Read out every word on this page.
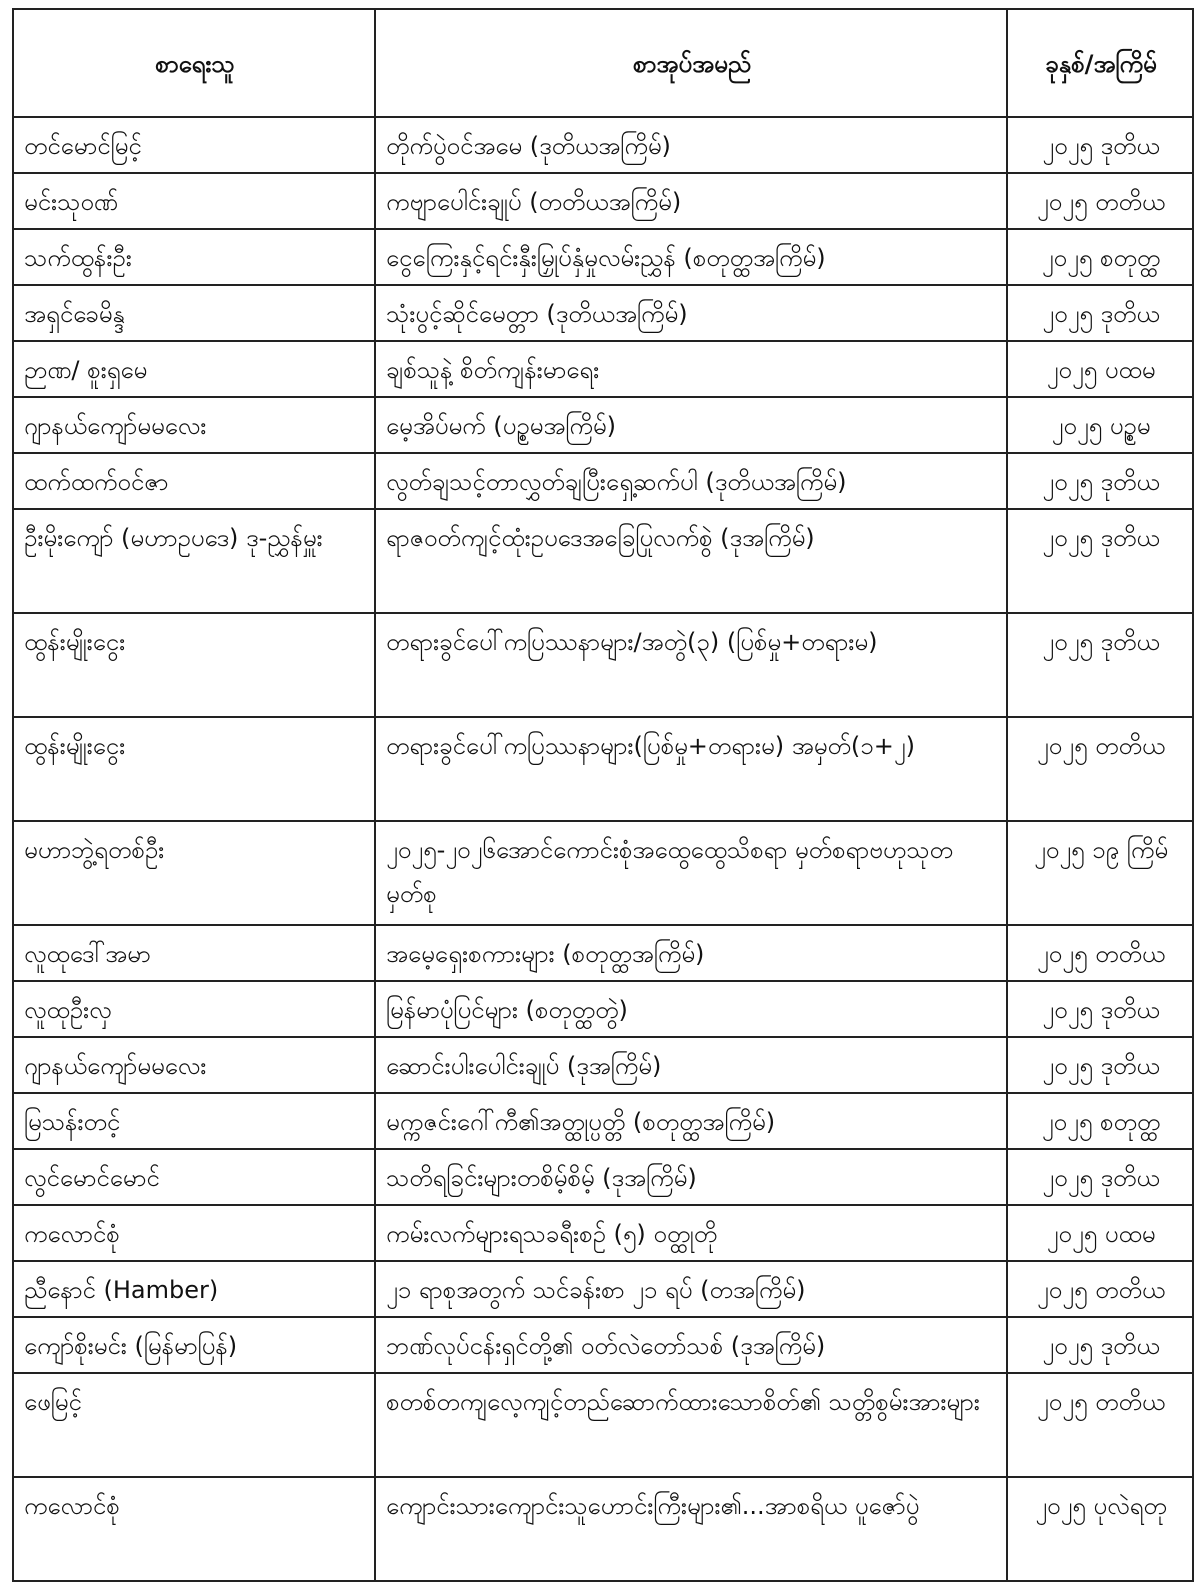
စာရေးသူ	စာအုပ်အမည်	ခုနှစ်/အကြိမ်
တင်မောင်မြင့်	တိုက်ပွဲဝင်အမေ (ဒုတိယအကြိမ်)	၂၀၂၅ ဒုတိယ
မင်းသုဝဏ်	ကဗျာပေါင်းချုပ် (တတိယအကြိမ်)	၂၀၂၅ တတိယ
သက်ထွန်းဦး	ငွေကြေးနှင့်ရင်းနှီးမြှုပ်နှံမှုလမ်းညွှန် (စတုတ္ထအကြိမ်)	၂၀၂၅ စတုတ္ထ
အရှင်ခေမိန္ဒ	သုံးပွင့်ဆိုင်မေတ္တာ (ဒုတိယအကြိမ်)	၂၀၂၅ ဒုတိယ
ဉာဏ/ စူးရှမေ	ချစ်သူနဲ့ စိတ်ကျန်းမာရေး	၂၀၂၅ ပထမ
ဂျာနယ်ကျော်မမလေး	မေ့အိပ်မက် (ပဥ္စမအကြိမ်)	၂၀၂၅ ပဥ္စမ
ထက်ထက်ဝင်ဇာ	လွတ်ချသင့်တာလွှတ်ချပြီးရှေ့ဆက်ပါ (ဒုတိယအကြိမ်)	၂၀၂၅ ဒုတိယ
ဦးမိုးကျော် (မဟာဥပဒေ) ဒု-ညွှန်မှူး	ရာဇဝတ်ကျင့်ထုံးဥပဒေအခြေပြုလက်စွဲ (ဒုအကြိမ်)	၂၀၂၅ ဒုတိယ
ထွန်းမျိုးငွေး	တရားခွင်ပေါ်ကပြဿနာများ/အတွဲ(၃) (ပြစ်မှု+တရားမ)	၂၀၂၅ ဒုတိယ
ထွန်းမျိုးငွေး	တရားခွင်ပေါ်ကပြဿနာများ(ပြစ်မှု+တရားမ) အမှတ်(၁+၂)	၂၀၂၅ တတိယ
မဟာဘွဲ့ရတစ်ဦး	၂၀၂၅-၂၀၂၆အောင်ကောင်းစုံအထွေထွေသိစရာ မှတ်စရာဗဟုသုတမှတ်စု	၂၀၂၅ ၁၉ ကြိမ်
လူထုဒေါ်အမာ	အမေ့ရှေးစကားများ (စတုတ္ထအကြိမ်)	၂၀၂၅ တတိယ
လူထုဦးလှ	မြန်မာပုံပြင်များ (စတုတ္ထတွဲ)	၂၀၂၅ ဒုတိယ
ဂျာနယ်ကျော်မမလေး	ဆောင်းပါးပေါင်းချုပ် (ဒုအကြိမ်)	၂၀၂၅ ဒုတိယ
မြသန်းတင့်	မက္ကဇင်းဂေါ်ကီ၏အတ္ထုပ္ပတ္တိ (စတုတ္ထအကြိမ်)	၂၀၂၅ စတုတ္ထ
လွင်မောင်မောင်	သတိရခြင်းများတစိမ့်စိမ့် (ဒုအကြိမ်)	၂၀၂၅ ဒုတိယ
ကလောင်စုံ	ကမ်းလက်များရသခရီးစဉ် (၅) ဝတ္ထုတို	၂၀၂၅ ပထမ
ညီနောင် (Hamber)	၂၁ ရာစုအတွက် သင်ခန်းစာ ၂၁ ရပ် (တအကြိမ်)	၂၀၂၅ တတိယ
ကျော်စိုးမင်း (မြန်မာပြန်)	ဘဏ်လုပ်ငန်းရှင်တို့၏ ဝတ်လဲတော်သစ် (ဒုအကြိမ်)	၂၀၂၅ ဒုတိယ
ဖေမြင့်	စတစ်တကျလေ့ကျင့်တည်ဆောက်ထားသောစိတ်၏ သတ္တိစွမ်းအားများ	၂၀၂၅ တတိယ
ကလောင်စုံ	ကျောင်းသားကျောင်းသူဟောင်းကြီးများ၏...အာစရိယ ပူဇော်ပွဲ	၂၀၂၅ ပုလဲရတု
